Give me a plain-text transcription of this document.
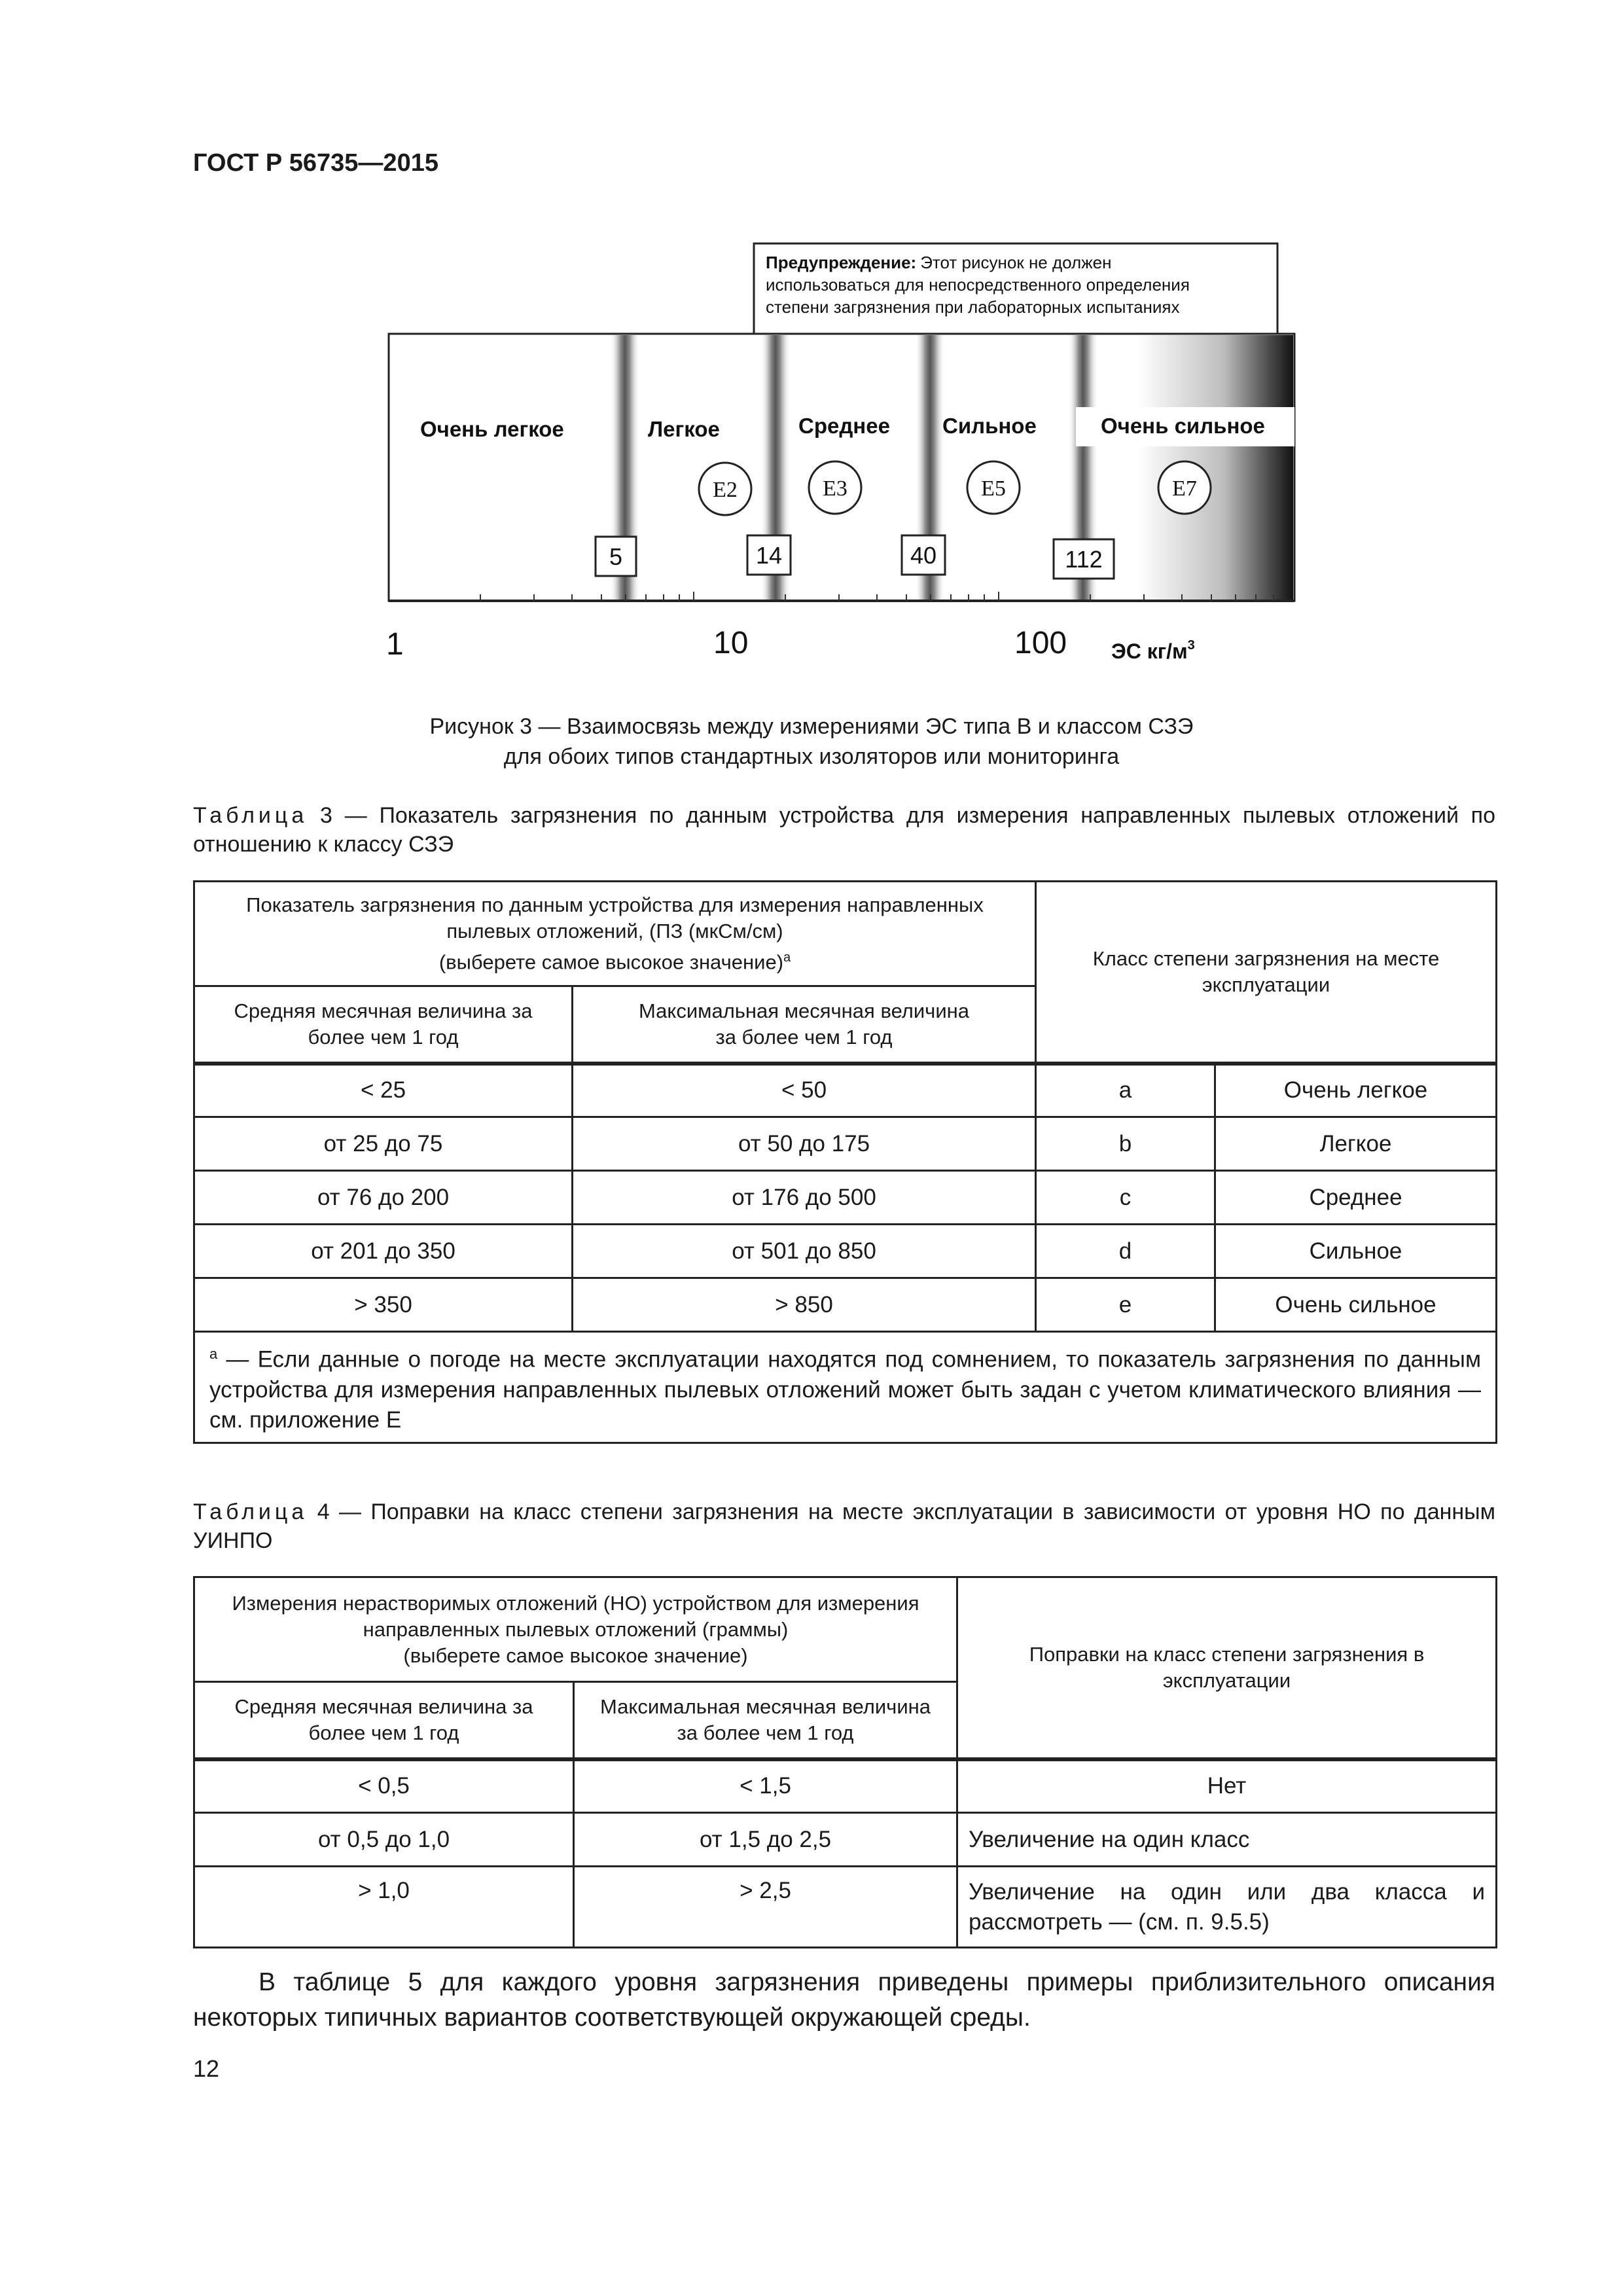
ГОСТ Р 56735—2015
Предупреждение: Этот рисунок не должен использоваться для непосредственного определения степени загрязнения при лабораторных испытаниях
Очень легкое	Легкое	Среднее Сильное	Очень сильное
E2	E3	E5	E7
5	14	40	112
1	10	100 ЭС $кг/м^3$
Рисунок 3 — Взаимосвязь между измерениями ЭС типа B и классом СЗЭ
для обоих типов стандартных изоляторов или мониторинга
Таблица 3 — Показатель загрязнения по данным устройства для измерения направленных пылевых отложений по отношению к классу СЗЭ
Показатель загрязнения по данным устройства для измерения направленных
пылевых отложений, (ПЗ (мкСм/см)
(выберете самое высокое значение)$^a$		Класс степени загрязнения на месте эксплуатации	
Средняя месячная величина за более чем 1 год	Максимальная месячная величина за более чем 1 год		
< 25	< 50	a	Очень легкое
от 25 до 75	от 50 до 175	b	Легкое
от 76 до 200	от 176 до 500	c	Среднее
от 201 до 350	от 501 до 850	d	Сильное
> 350	> 850	e	Очень сильное
$^a$ — Если данные о погоде на месте эксплуатации находятся под сомнением, то показатель загрязнения по данным устройства для измерения направленных пылевых отложений может быть задан с учетом климатического влияния — см. приложение Е			
Таблица 4 — Поправки на класс степени загрязнения на месте эксплуатации в зависимости от уровня НО по данным УИНПО
Измерения нерастворимых отложений (НО) устройством для измерения
направленных пылевых отложений (граммы)
(выберете самое высокое значение)		Поправки на класс степени загрязнения в эксплуатации
Средняя месячная величина за более чем 1 год	Максимальная месячная величина за более чем 1 год	
< 0,5	< 1,5	Нет
от 0,5 до 1,0	от 1,5 до 2,5	Увеличение на один класс
> 1,0	> 2,5	Увеличение на один или два класса и рассмотреть — (см. п. 9.5.5)
В таблице 5 для каждого уровня загрязнения приведены примеры приблизительного описания некоторых типичных вариантов соответствующей окружающей среды.
12
